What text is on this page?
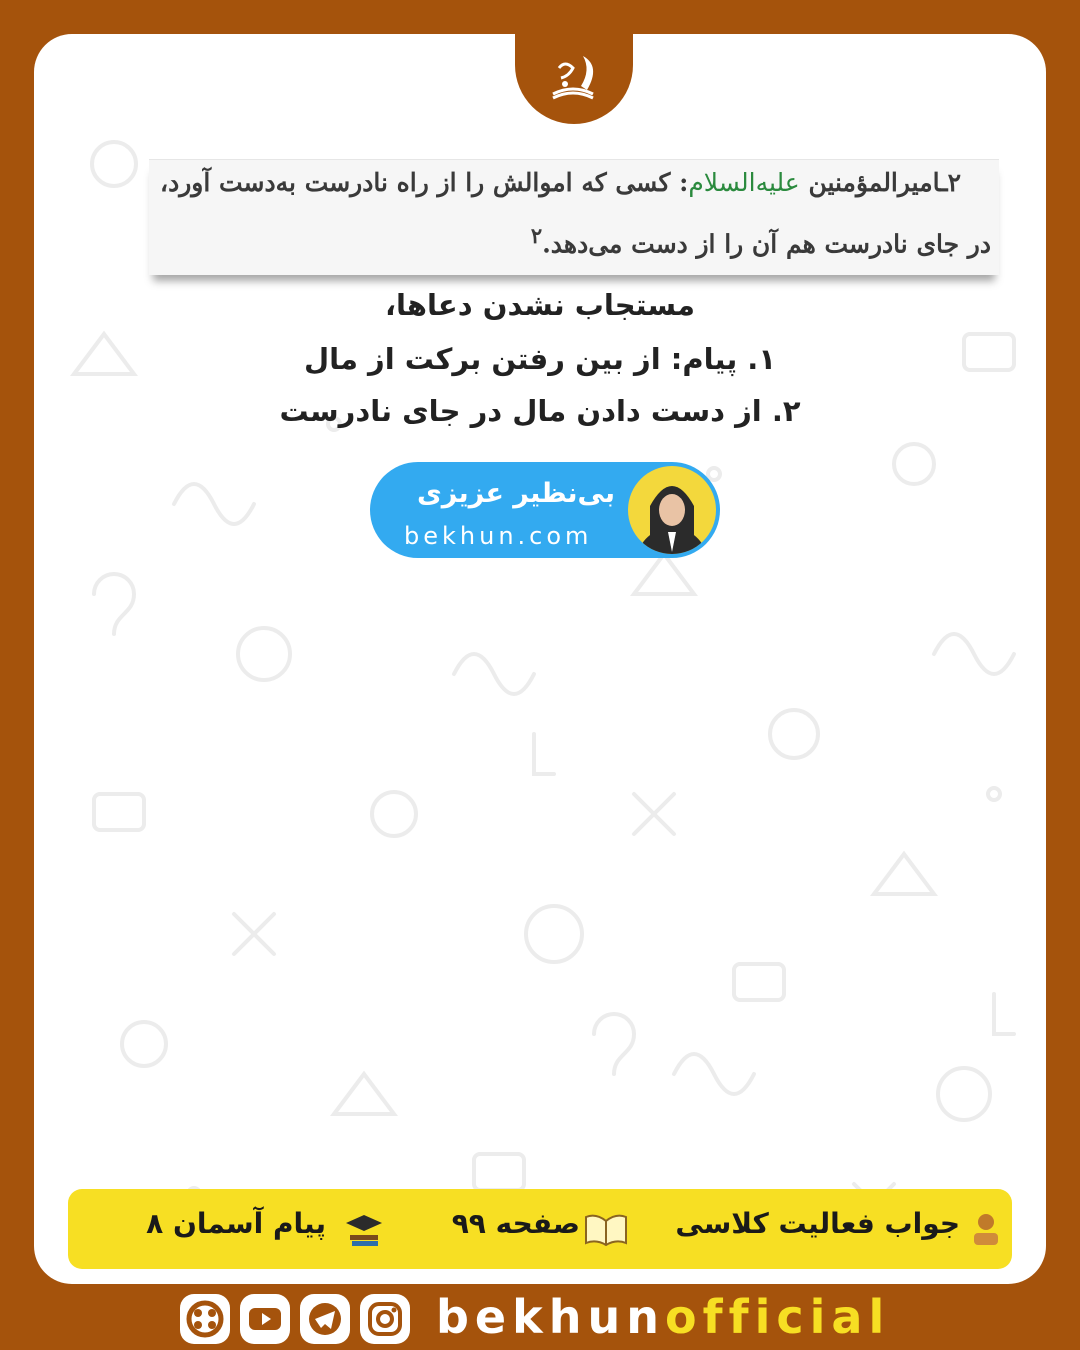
۲ـامیرالمؤمنین علیه‌السلام: کسی که اموالش را از راه نادرست به‌دست آورد،

در جای نادرست هم آن را از دست می‌دهد.$^۲$

مستجاب نشدن دعاها،

۱. پیام: از بین رفتن برکت از مال

۲. از دست دادن مال در جای نادرست

بی‌نظیر عزیزی

bekhun.com

جواب فعالیت کلاسی

صفحه ۹۹

پیام آسمان ۸

bekhunofficial
